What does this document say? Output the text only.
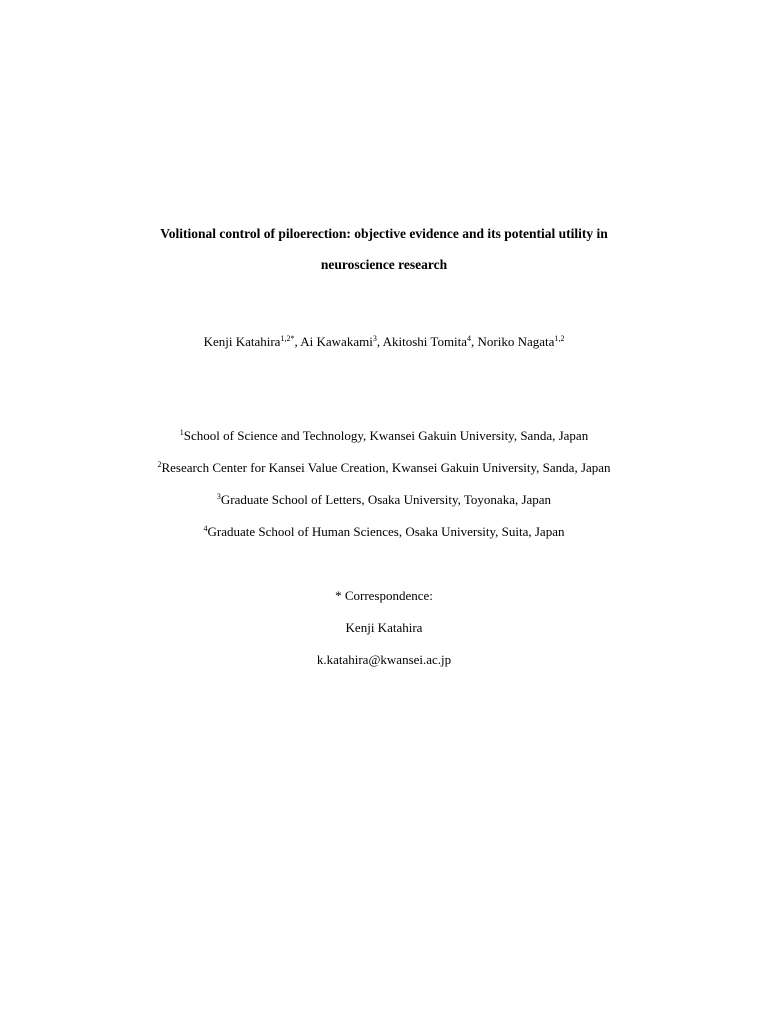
Volitional control of piloerection: objective evidence and its potential utility in
neuroscience research
Kenji Katahira$^{1,2*}$, Ai Kawakami$^3$, Akitoshi Tomita$^4$, Noriko Nagata$^{1,2}$
$^1$School of Science and Technology, Kwansei Gakuin University, Sanda, Japan
$^2$Research Center for Kansei Value Creation, Kwansei Gakuin University, Sanda, Japan
$^3$Graduate School of Letters, Osaka University, Toyonaka, Japan
$^4$Graduate School of Human Sciences, Osaka University, Suita, Japan
* Correspondence:
Kenji Katahira
k.katahira@kwansei.ac.jp
